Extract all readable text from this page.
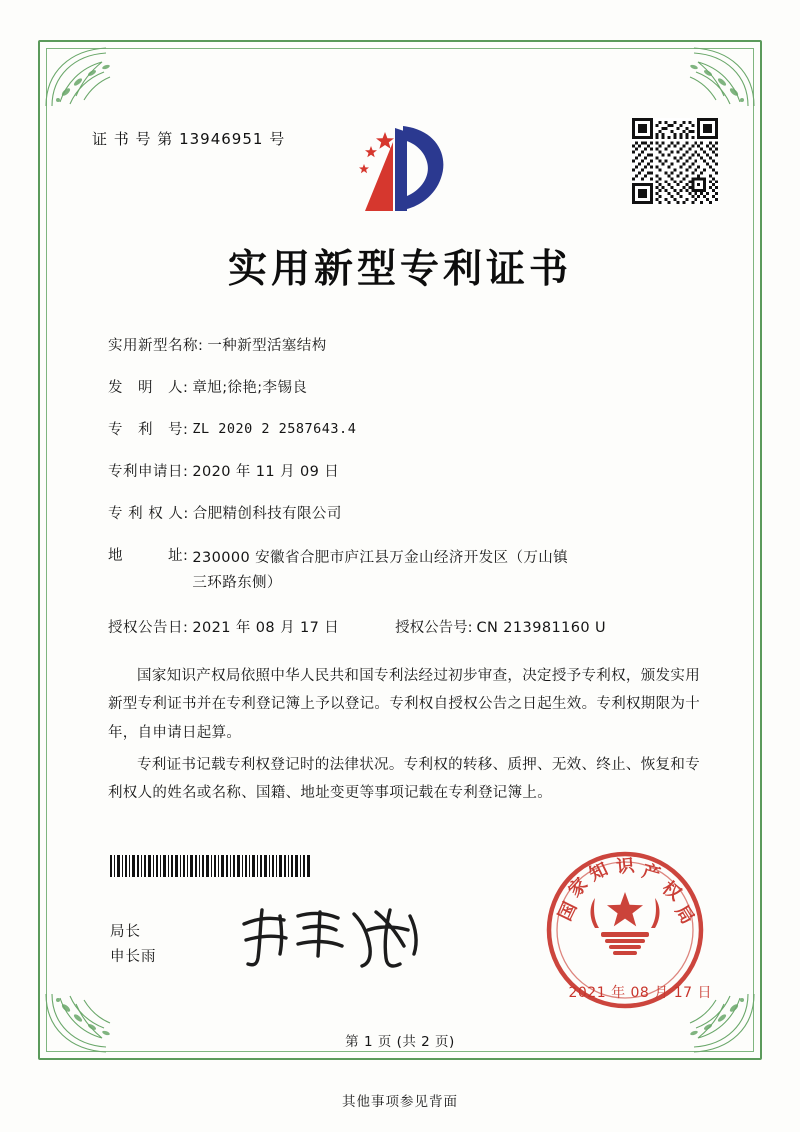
证 书 号 第 13946951 号
实用新型专利证书
实用新型名称: 一种新型活塞结构
发　明　人: 章旭;徐艳;李锡良
专　利　号: ZL 2020 2 2587643.4
专利申请日: 2020 年 11 月 09 日
专 利 权 人: 合肥精创科技有限公司
地　　　址: 230000 安徽省合肥市庐江县万金山经济开发区（万山镇
三环路东侧）
授权公告日: 2021 年 08 月 17 日	授权公告号: CN 213981160 U

国家知识产权局依照中华人民共和国专利法经过初步审查，决定授予专利权，颁发实用新型专利证书并在专利登记簿上予以登记。专利权自授权公告之日起生效。专利权期限为十年，自申请日起算。

专利证书记载专利权登记时的法律状况。专利权的转移、质押、无效、终止、恢复和专利权人的姓名或名称、国籍、地址变更等事项记载在专利登记簿上。

局长
申长雨
国
家
知 识 产
权
局
2021 年 08 月 17 日
第 1 页 (共 2 页)
其他事项参见背面
